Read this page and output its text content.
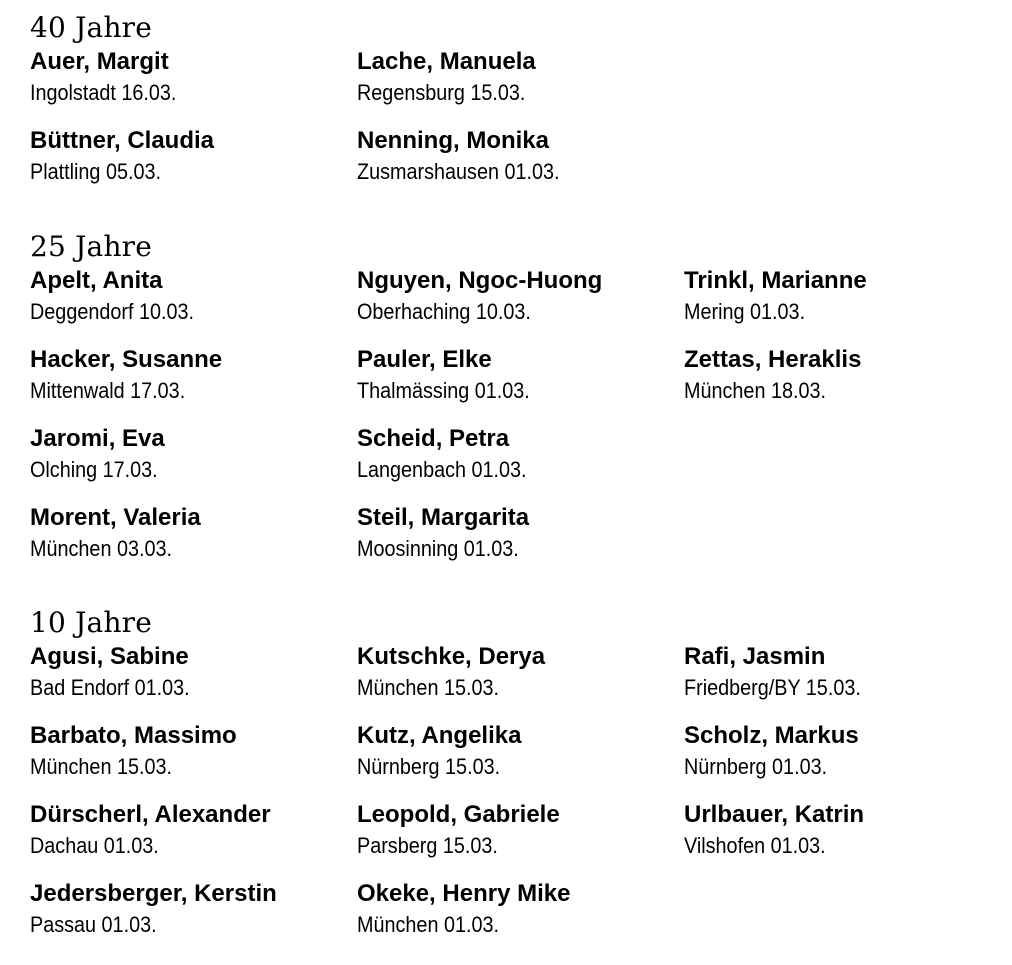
40 Jahre
Auer, Margit
Ingolstadt 16.03.
Lache, Manuela
Regensburg 15.03.
Büttner, Claudia
Plattling 05.03.
Nenning, Monika
Zusmarshausen 01.03.
25 Jahre
Apelt, Anita
Deggendorf 10.03.
Nguyen, Ngoc-Huong
Oberhaching 10.03.
Trinkl, Marianne
Mering 01.03.
Hacker, Susanne
Mittenwald 17.03.
Pauler, Elke
Thalmässing 01.03.
Zettas, Heraklis
München 18.03.
Jaromi, Eva
Olching 17.03.
Scheid, Petra
Langenbach 01.03.
Morent, Valeria
München 03.03.
Steil, Margarita
Moosinning 01.03.
10 Jahre
Agusi, Sabine
Bad Endorf 01.03.
Kutschke, Derya
München 15.03.
Rafi, Jasmin
Friedberg/BY 15.03.
Barbato, Massimo
München 15.03.
Kutz, Angelika
Nürnberg 15.03.
Scholz, Markus
Nürnberg 01.03.
Dürscherl, Alexander
Dachau 01.03.
Leopold, Gabriele
Parsberg 15.03.
Urlbauer, Katrin
Vilshofen 01.03.
Jedersberger, Kerstin
Passau 01.03.
Okeke, Henry Mike
München 01.03.
